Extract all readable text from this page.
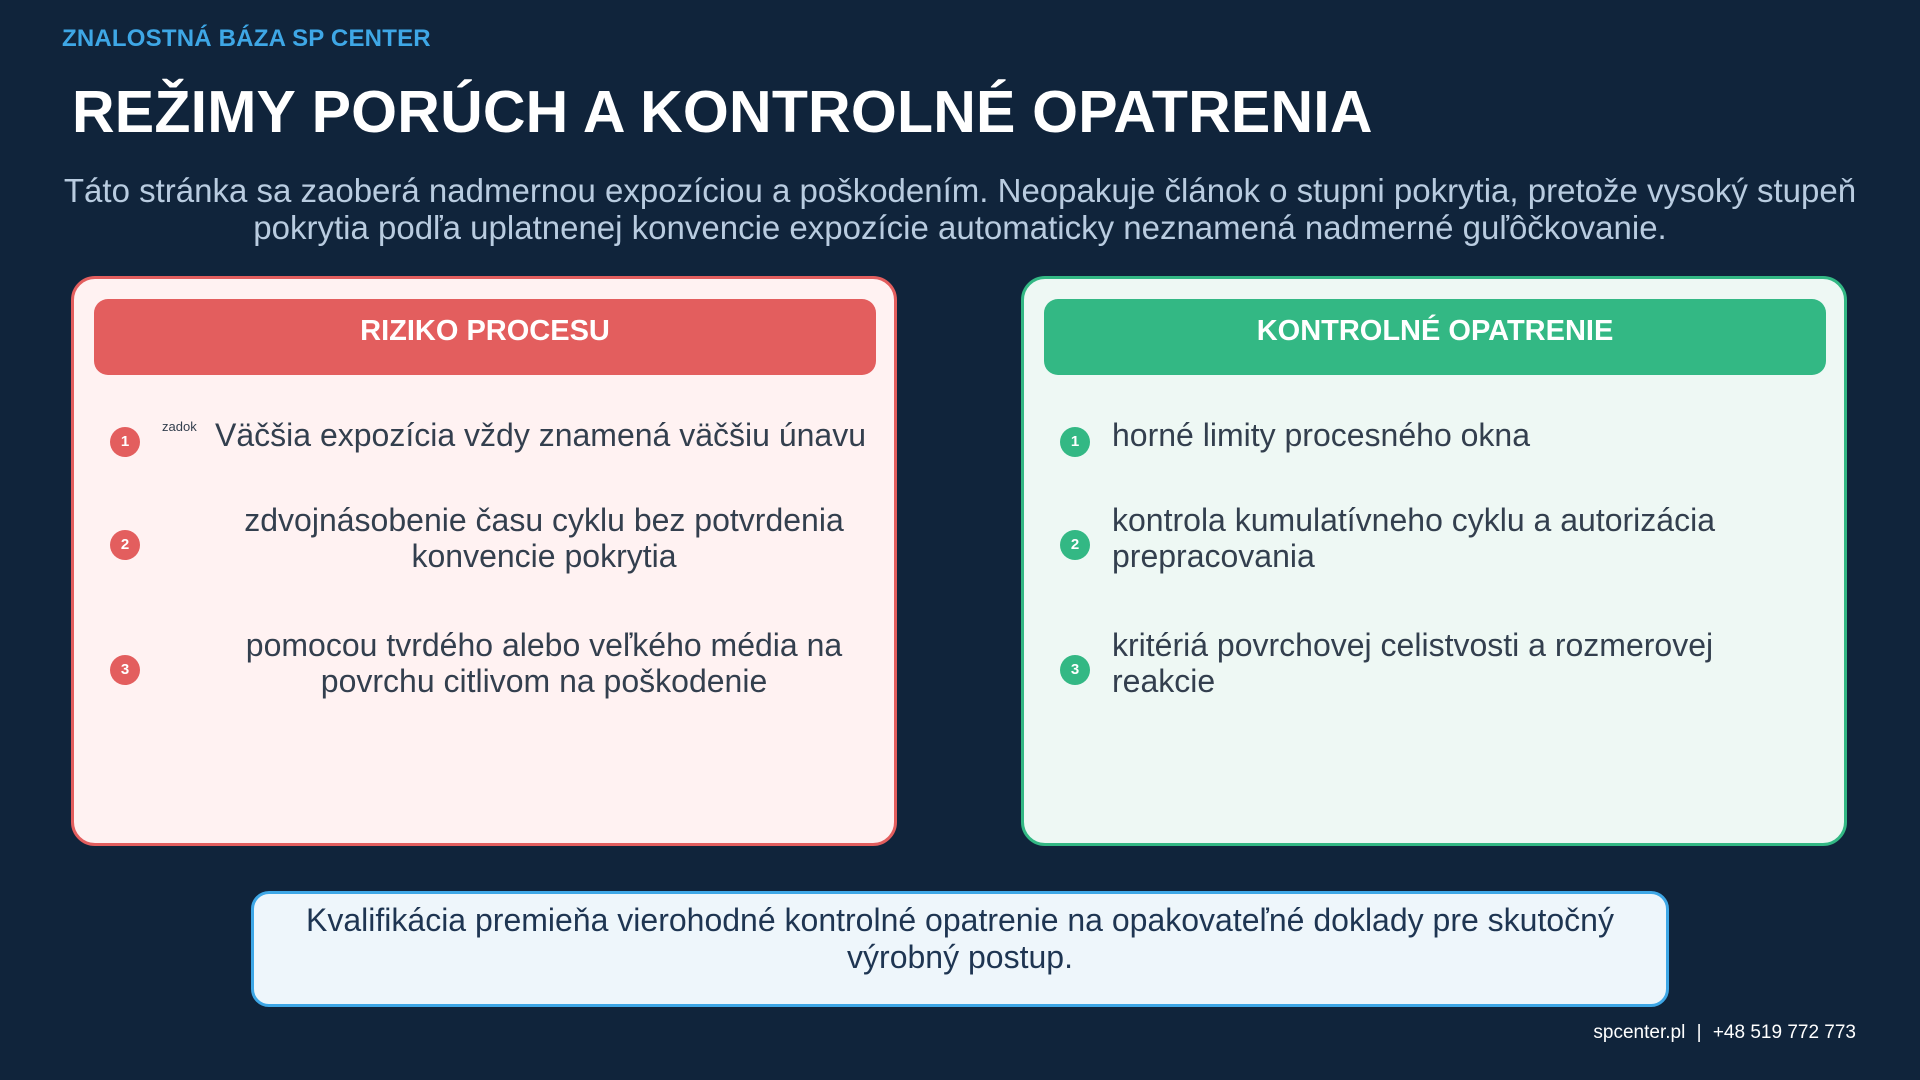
ZNALOSTNÁ BÁZA SP CENTER
REŽIMY PORÚCH A KONTROLNÉ OPATRENIA
Táto stránka sa zaoberá nadmernou expozíciou a poškodením. Neopakuje článok o stupni pokrytia, pretože vysoký stupeň pokrytia podľa uplatnenej konvencie expozície automaticky neznamená nadmerné guľôčkovanie.
RIZIKO PROCESU
1
zadok Väčšia expozícia vždy znamená väčšiu únavu
2
zdvojnásobenie času cyklu bez potvrdenia konvencie pokrytia
3
pomocou tvrdého alebo veľkého média na povrchu citlivom na poškodenie
KONTROLNÉ OPATRENIE
1	horné limity procesného okna
2
kontrola kumulatívneho cyklu a autorizácia prepracovania
3
kritériá povrchovej celistvosti a rozmerovej reakcie
Kvalifikácia premieňa vierohodné kontrolné opatrenie na opakovateľné doklady pre skutočný výrobný postup.
spcenter.pl | +48 519 772 773
